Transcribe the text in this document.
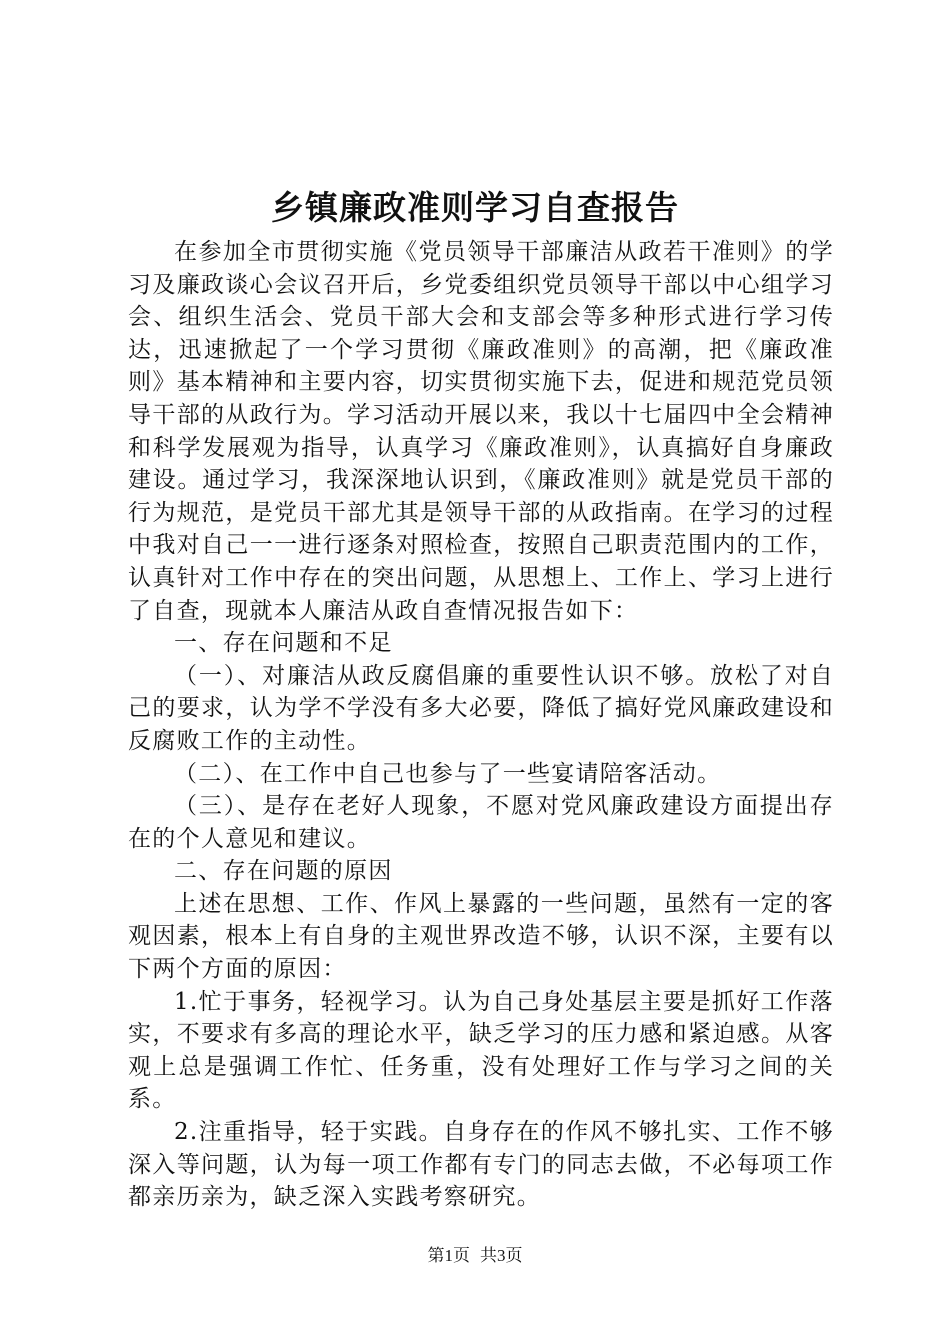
乡镇廉政准则学习自查报告

在参加全市贯彻实施《党员领导干部廉洁从政若干准则》的学习及廉政谈心会议召开后，乡党委组织党员领导干部以中心组学习会、组织生活会、党员干部大会和支部会等多种形式进行学习传达，迅速掀起了一个学习贯彻《廉政准则》的高潮，把《廉政准则》基本精神和主要内容，切实贯彻实施下去，促进和规范党员领导干部的从政行为。学习活动开展以来，我以十七届四中全会精神和科学发展观为指导，认真学习《廉政准则》，认真搞好自身廉政建设。通过学习，我深深地认识到，《廉政准则》就是党员干部的行为规范，是党员干部尤其是领导干部的从政指南。在学习的过程中我对自己一一进行逐条对照检查，按照自己职责范围内的工作，认真针对工作中存在的突出问题，从思想上、工作上、学习上进行了自查，现就本人廉洁从政自查情况报告如下：

一、存在问题和不足

（一）、对廉洁从政反腐倡廉的重要性认识不够。放松了对自己的要求，认为学不学没有多大必要，降低了搞好党风廉政建设和反腐败工作的主动性。

（二）、在工作中自己也参与了一些宴请陪客活动。

（三）、是存在老好人现象，不愿对党风廉政建设方面提出存在的个人意见和建议。

二、存在问题的原因

上述在思想、工作、作风上暴露的一些问题，虽然有一定的客观因素，根本上有自身的主观世界改造不够，认识不深，主要有以下两个方面的原因：

1.忙于事务，轻视学习。认为自己身处基层主要是抓好工作落实，不要求有多高的理论水平，缺乏学习的压力感和紧迫感。从客观上总是强调工作忙、任务重，没有处理好工作与学习之间的关系。

2.注重指导，轻于实践。自身存在的作风不够扎实、工作不够深入等问题，认为每一项工作都有专门的同志去做，不必每项工作都亲历亲为，缺乏深入实践考察研究。

第1页 共3页
